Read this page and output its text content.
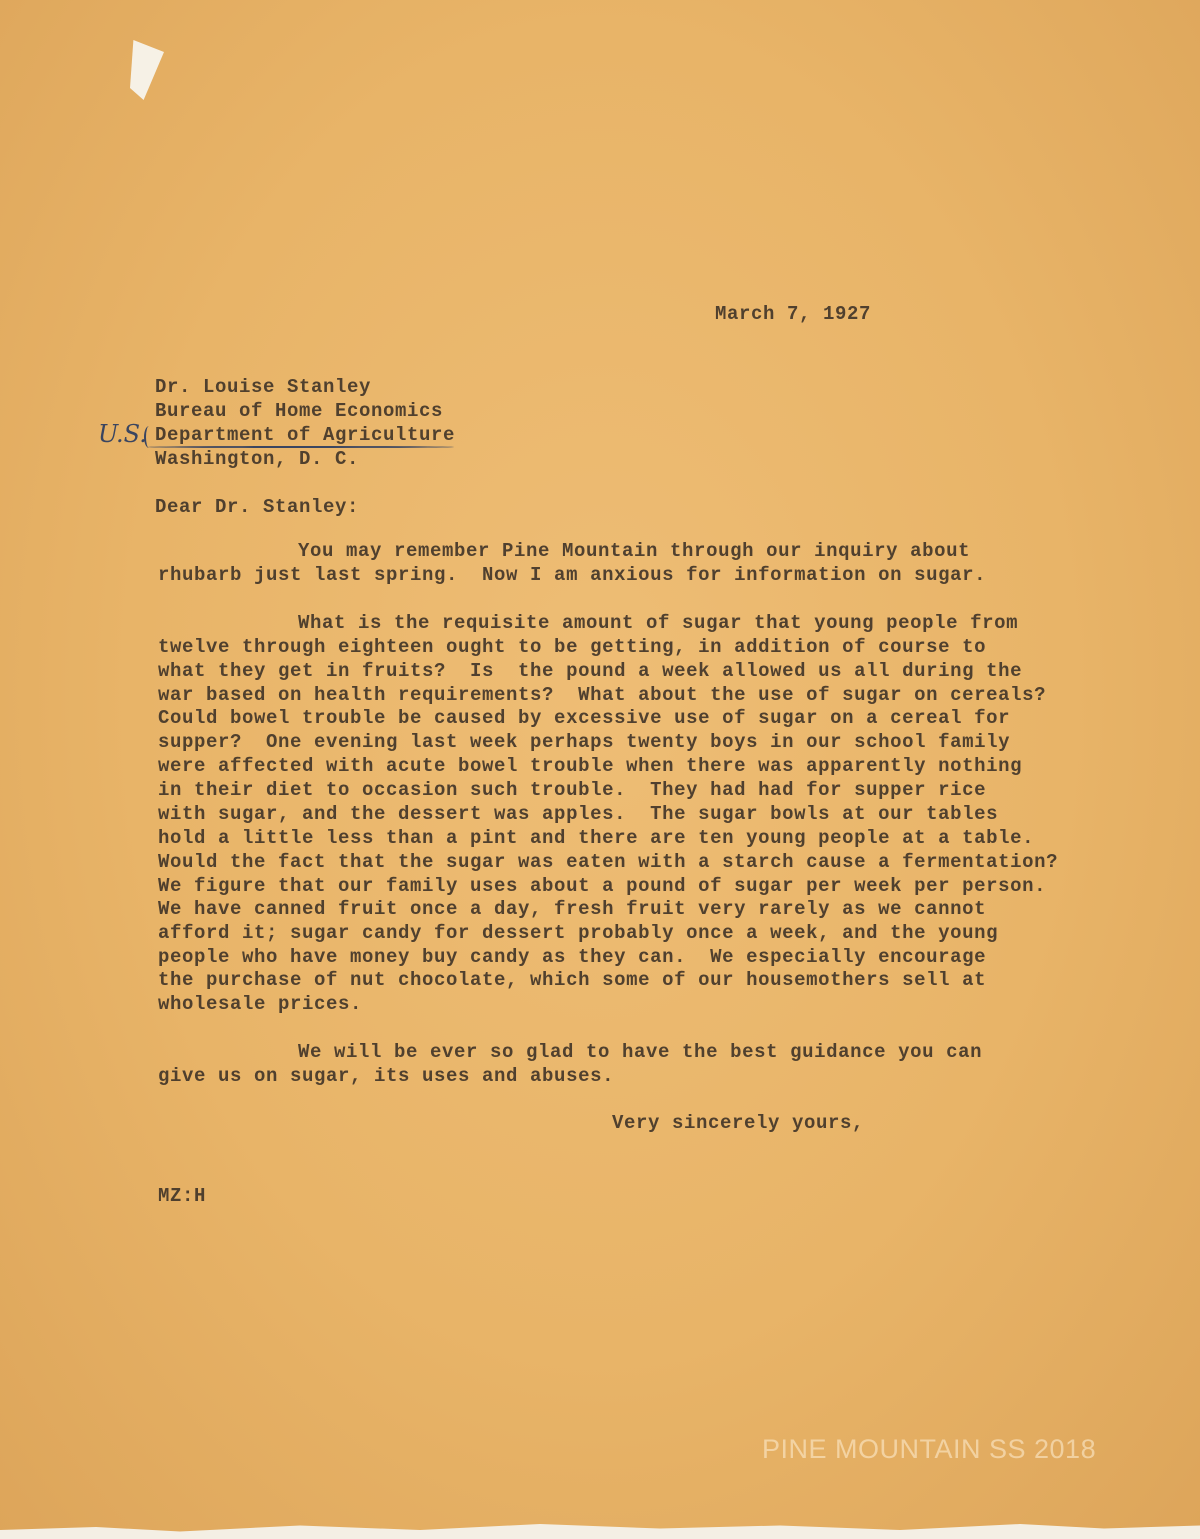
March 7, 1927
Dr. Louise Stanley
Bureau of Home Economics
Department of Agriculture
Washington, D. C.
U.S.
Dear Dr. Stanley:
You may remember Pine Mountain through our inquiry about
rhubarb just last spring.  Now I am anxious for information on sugar.
What is the requisite amount of sugar that young people from
twelve through eighteen ought to be getting, in addition of course to
what they get in fruits?  Is  the pound a week allowed us all during the
war based on health requirements?  What about the use of sugar on cereals?
Could bowel trouble be caused by excessive use of sugar on a cereal for
supper?  One evening last week perhaps twenty boys in our school family
were affected with acute bowel trouble when there was apparently nothing
in their diet to occasion such trouble.  They had had for supper rice
with sugar, and the dessert was apples.  The sugar bowls at our tables
hold a little less than a pint and there are ten young people at a table.
Would the fact that the sugar was eaten with a starch cause a fermentation?
We figure that our family uses about a pound of sugar per week per person.
We have canned fruit once a day, fresh fruit very rarely as we cannot
afford it; sugar candy for dessert probably once a week, and the young
people who have money buy candy as they can.  We especially encourage
the purchase of nut chocolate, which some of our housemothers sell at
wholesale prices.
We will be ever so glad to have the best guidance you can
give us on sugar, its uses and abuses.
Very sincerely yours,
MZ:H
PINE MOUNTAIN SS 2018
